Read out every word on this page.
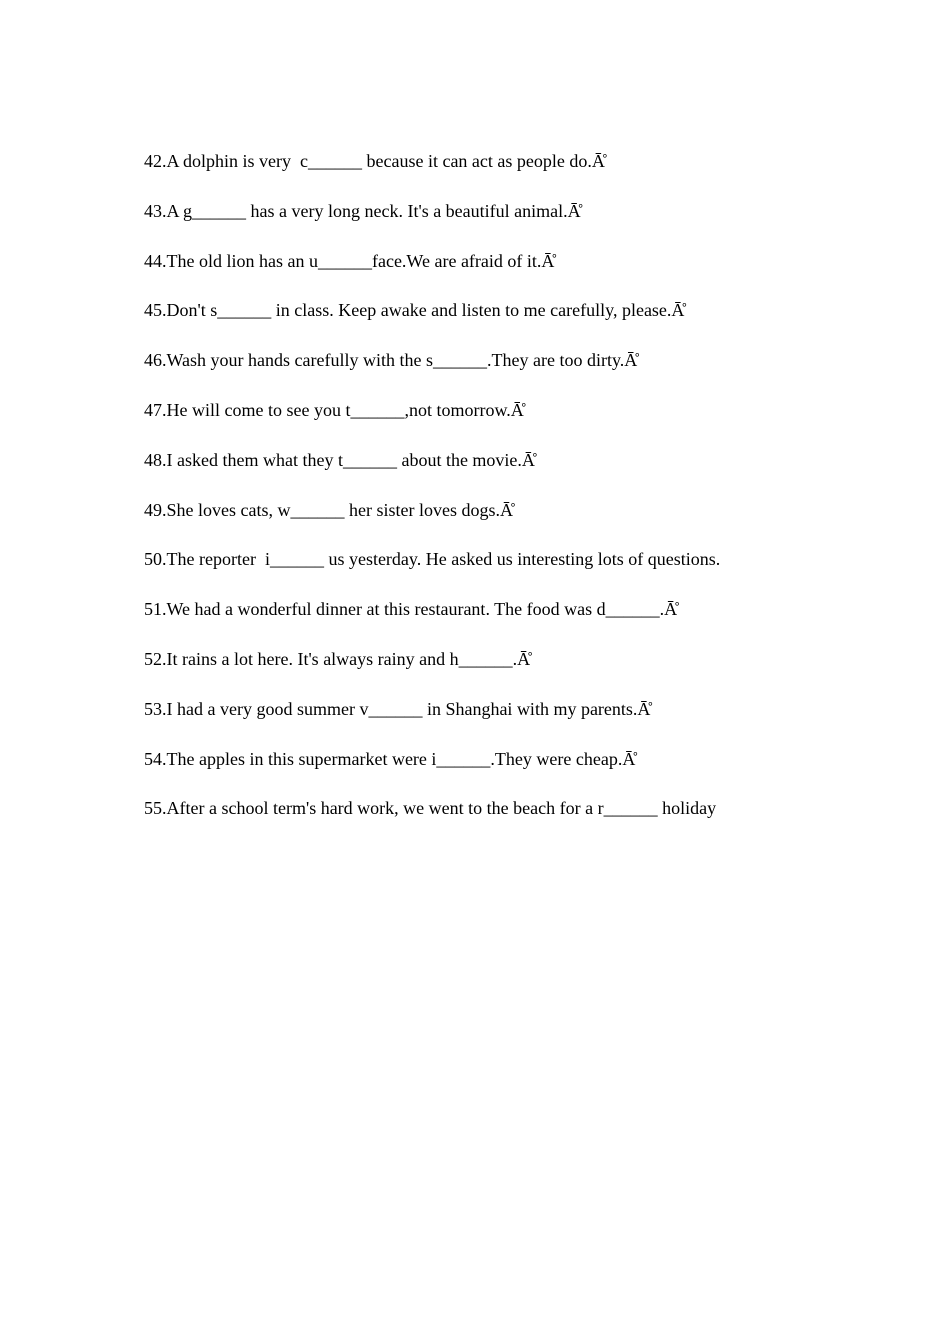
42.A dolphin is very  c______ because it can act as people do.Ā̊
43.A g______ has a very long neck. It's a beautiful animal.Ā̊
44.The old lion has an u______face.We are afraid of it.Ā̊
45.Don't s______ in class. Keep awake and listen to me carefully, please.Ā̊
46.Wash your hands carefully with the s______.They are too dirty.Ā̊
47.He will come to see you t______,not tomorrow.Ā̊
48.I asked them what they t______ about the movie.Ā̊
49.She loves cats, w______ her sister loves dogs.Ā̊
50.The reporter  i______ us yesterday. He asked us interesting lots of questions.
51.We had a wonderful dinner at this restaurant. The food was d______.Ā̊
52.It rains a lot here. It's always rainy and h______.Ā̊
53.I had a very good summer v______ in Shanghai with my parents.Ā̊
54.The apples in this supermarket were i______.They were cheap.Ā̊
55.After a school term's hard work, we went to the beach for a r______ holiday
